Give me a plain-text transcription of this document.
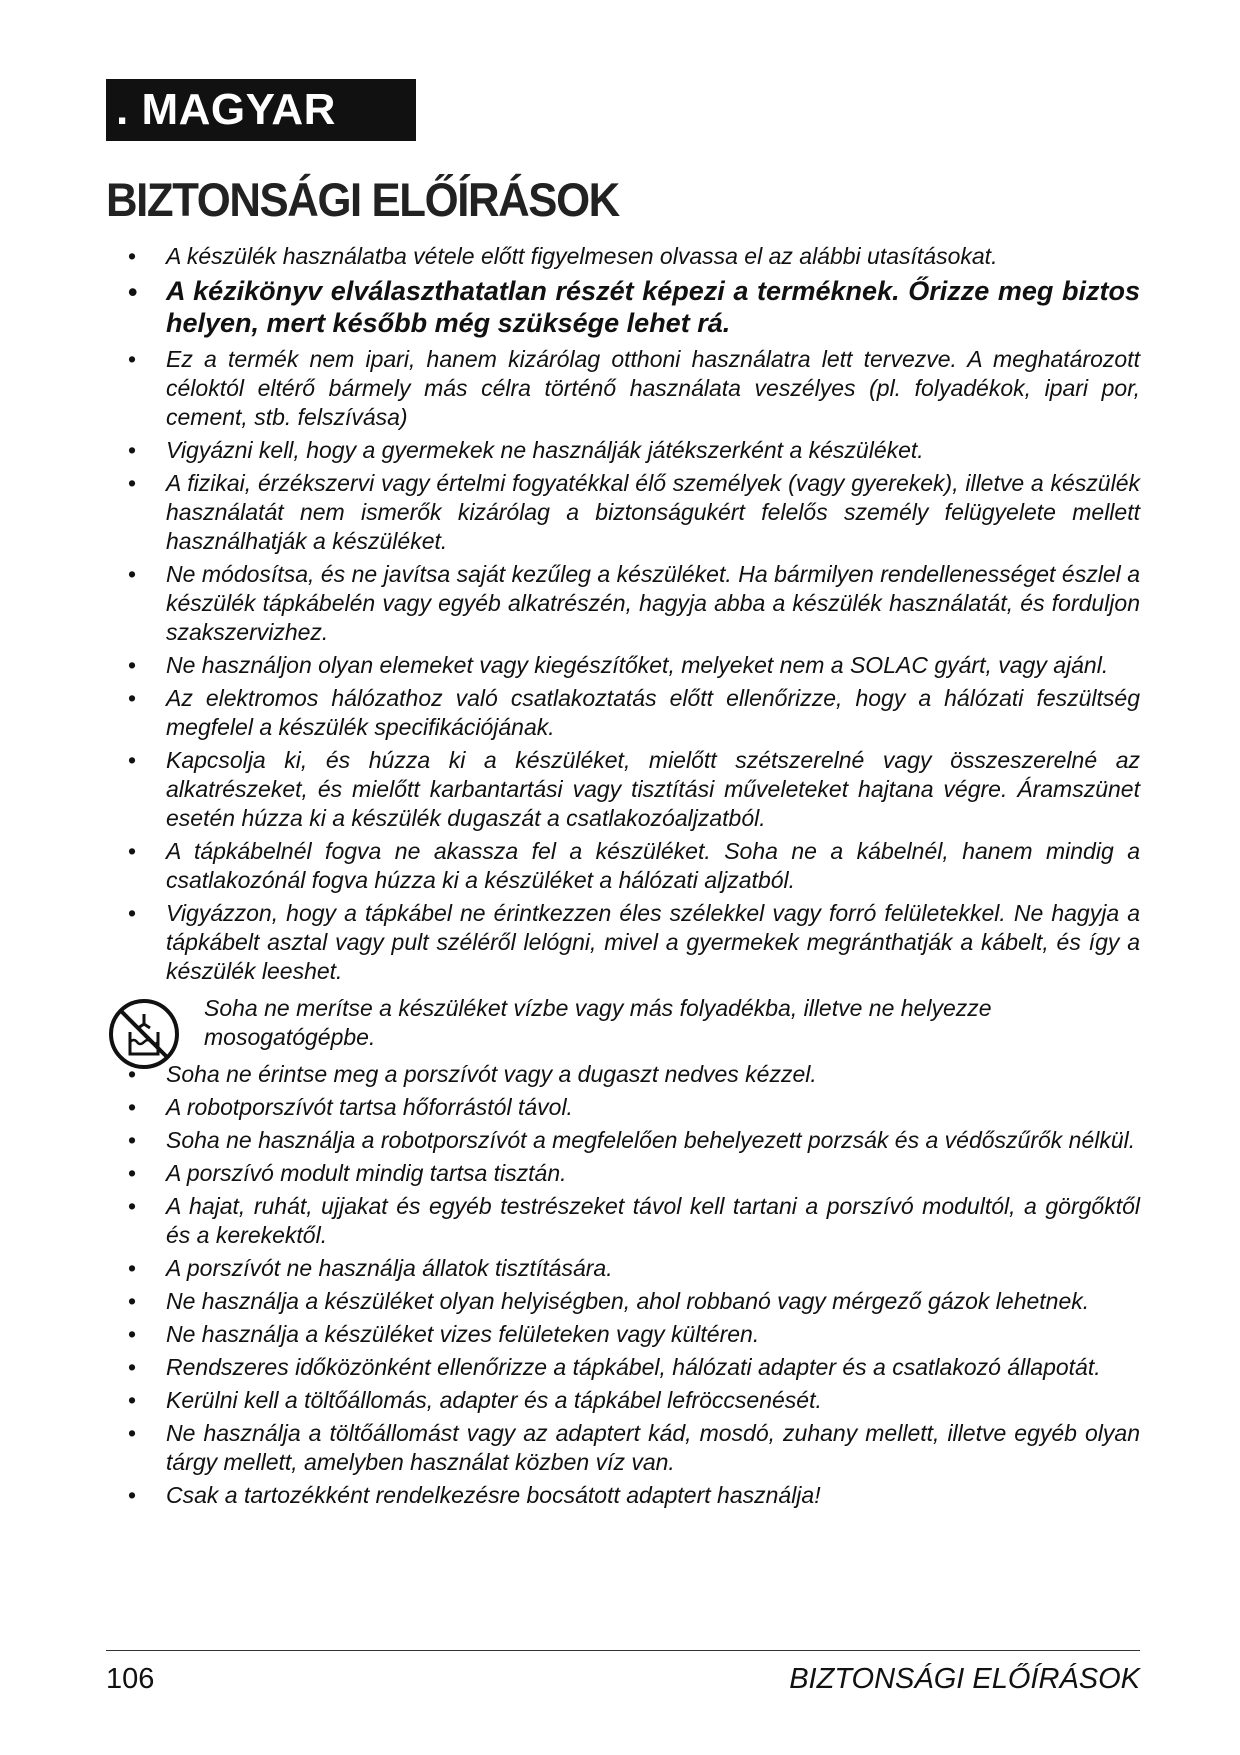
. MAGYAR
BIZTONSÁGI ELŐÍRÁSOK
• A készülék használatba vétele előtt figyelmesen olvassa el az alábbi utasításokat.
• A kézikönyv elválaszthatatlan részét képezi a terméknek. Őrizze meg biztos helyen, mert később még szüksége lehet rá.
• Ez a termék nem ipari, hanem kizárólag otthoni használatra lett tervezve. A meghatározott céloktól eltérő bármely más célra történő használata veszélyes (pl. folyadékok, ipari por, cement, stb. felszívása)
• Vigyázni kell, hogy a gyermekek ne használják játékszerként a készüléket.
• A fizikai, érzékszervi vagy értelmi fogyatékkal élő személyek (vagy gyerekek), illetve a készülék használatát nem ismerők kizárólag a biztonságukért felelős személy felügyelete mellett használhatják a készüléket.
• Ne módosítsa, és ne javítsa saját kezűleg a készüléket. Ha bármilyen rendellenességet észlel a készülék tápkábelén vagy egyéb alkatrészén, hagyja abba a készülék használatát, és forduljon szakszervizhez.
• Ne használjon olyan elemeket vagy kiegészítőket, melyeket nem a SOLAC gyárt, vagy ajánl.
• Az elektromos hálózathoz való csatlakoztatás előtt ellenőrizze, hogy a hálózati feszültség megfelel a készülék specifikációjának.
• Kapcsolja ki, és húzza ki a készüléket, mielőtt szétszerelné vagy összeszerelné az alkatrészeket, és mielőtt karbantartási vagy tisztítási műveleteket hajtana végre. Áramszünet esetén húzza ki a készülék dugaszát a csatlakozóaljzatból.
• A tápkábelnél fogva ne akassza fel a készüléket. Soha ne a kábelnél, hanem mindig a csatlakozónál fogva húzza ki a készüléket a hálózati aljzatból.
• Vigyázzon, hogy a tápkábel ne érintkezzen éles szélekkel vagy forró felületekkel. Ne hagyja a tápkábelt asztal vagy pult széléről lelógni, mivel a gyermekek megránthatják a kábelt, és így a készülék leeshet.
Soha ne merítse a készüléket vízbe vagy más folyadékba, illetve ne helyezze mosogatógépbe.
• Soha ne érintse meg a porszívót vagy a dugaszt nedves kézzel.
• A robotporszívót tartsa hőforrástól távol.
• Soha ne használja a robotporszívót a megfelelően behelyezett porzsák és a védőszűrők nélkül.
• A porszívó modult mindig tartsa tisztán.
• A hajat, ruhát, ujjakat és egyéb testrészeket távol kell tartani a porszívó modultól, a görgőktől és a kerekektől.
• A porszívót ne használja állatok tisztítására.
• Ne használja a készüléket olyan helyiségben, ahol robbanó vagy mérgező gázok lehetnek.
• Ne használja a készüléket vizes felületeken vagy kültéren.
• Rendszeres időközönként ellenőrizze a tápkábel, hálózati adapter és a csatlakozó állapotát.
• Kerülni kell a töltőállomás, adapter és a tápkábel lefröccsenését.
• Ne használja a töltőállomást vagy az adaptert kád, mosdó, zuhany mellett, illetve egyéb olyan tárgy mellett, amelyben használat közben víz van.
• Csak a tartozékként rendelkezésre bocsátott adaptert használja!
106	BIZTONSÁGI ELŐÍRÁSOK
